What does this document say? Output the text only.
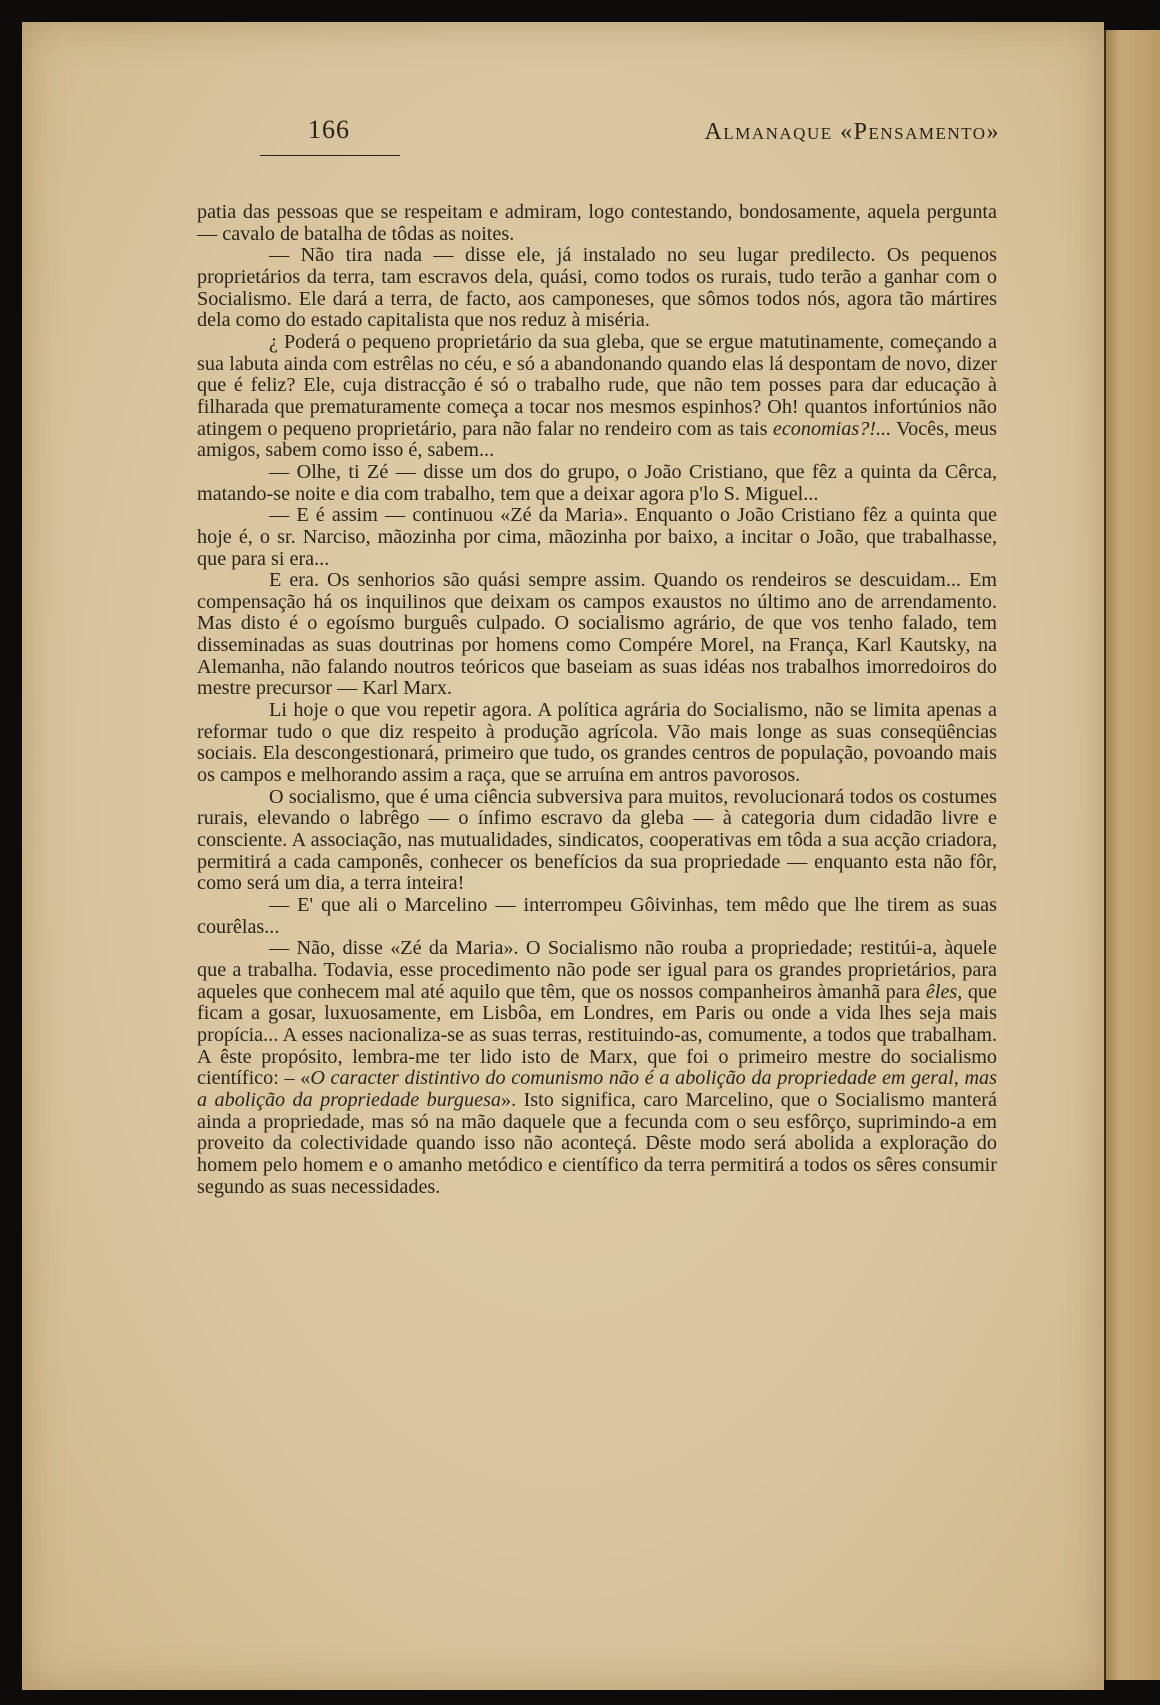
166	Almanaque «Pensamento»

patia das pessoas que se respeitam e admiram, logo contestando, bondosamente, aquela pergunta — cavalo de batalha de tôdas as noites.

— Não tira nada — disse ele, já instalado no seu lugar predilecto. Os pequenos proprietários da terra, tam escravos dela, quási, como todos os rurais, tudo terão a ganhar com o Socialismo. Ele dará a terra, de facto, aos camponeses, que sômos todos nós, agora tão mártires dela como do estado capitalista que nos reduz à miséria.

¿ Poderá o pequeno proprietário da sua gleba, que se ergue matutinamente, começando a sua labuta ainda com estrêlas no céu, e só a abandonando quando elas lá despontam de novo, dizer que é feliz? Ele, cuja distracção é só o trabalho rude, que não tem posses para dar educação à filharada que prematuramente começa a tocar nos mesmos espinhos? Oh! quantos infortúnios não atingem o pequeno proprietário, para não falar no rendeiro com as tais economias?!... Vocês, meus amigos, sabem como isso é, sabem...

— Olhe, ti Zé — disse um dos do grupo, o João Cristiano, que fêz a quinta da Cêrca, matando-se noite e dia com trabalho, tem que a deixar agora p'lo S. Miguel...

— E é assim — continuou «Zé da Maria». Enquanto o João Cristiano fêz a quinta que hoje é, o sr. Narciso, mãozinha por cima, mãozinha por baixo, a incitar o João, que trabalhasse, que para si era...

E era. Os senhorios são quási sempre assim. Quando os rendeiros se descuidam... Em compensação há os inquilinos que deixam os campos exaustos no último ano de arrendamento. Mas disto é o egoísmo burguês culpado. O socialismo agrário, de que vos tenho falado, tem disseminadas as suas doutrinas por homens como Compére Morel, na França, Karl Kautsky, na Alemanha, não falando noutros teóricos que baseiam as suas idéas nos trabalhos imorredoiros do mestre precursor — Karl Marx.

Li hoje o que vou repetir agora. A política agrária do Socialismo, não se limita apenas a reformar tudo o que diz respeito à produção agrícola. Vão mais longe as suas conseqüências sociais. Ela descongestionará, primeiro que tudo, os grandes centros de população, povoando mais os campos e melhorando assim a raça, que se arruína em antros pavorosos.

O socialismo, que é uma ciência subversiva para muitos, revolucionará todos os costumes rurais, elevando o labrêgo — o ínfimo escravo da gleba — à categoria dum cidadão livre e consciente. A associação, nas mutualidades, sindicatos, cooperativas em tôda a sua acção criadora, permitirá a cada camponês, conhecer os benefícios da sua propriedade — enquanto esta não fôr, como será um dia, a terra inteira!

— E' que ali o Marcelino — interrompeu Gôivinhas, tem mêdo que lhe tirem as suas courêlas...

— Não, disse «Zé da Maria». O Socialismo não rouba a propriedade; restitúi-a, àquele que a trabalha. Todavia, esse procedimento não pode ser igual para os grandes proprietários, para aqueles que conhecem mal até aquilo que têm, que os nossos companheiros àmanhã para êles, que ficam a gosar, luxuosamente, em Lisbôa, em Londres, em Paris ou onde a vida lhes seja mais propícia... A esses nacionaliza-se as suas terras, restituindo-as, comumente, a todos que trabalham. A êste propósito, lembra-me ter lido isto de Marx, que foi o primeiro mestre do socialismo científico: – «O caracter distintivo do comunismo não é a abolição da propriedade em geral, mas a abolição da propriedade burguesa». Isto significa, caro Marcelino, que o Socialismo manterá ainda a propriedade, mas só na mão daquele que a fecunda com o seu esfôrço, suprimindo-a em proveito da colectividade quando isso não aconteçá. Dêste modo será abolida a exploração do homem pelo homem e o amanho metódico e científico da terra permitirá a todos os sêres consumir segundo as suas necessidades.
